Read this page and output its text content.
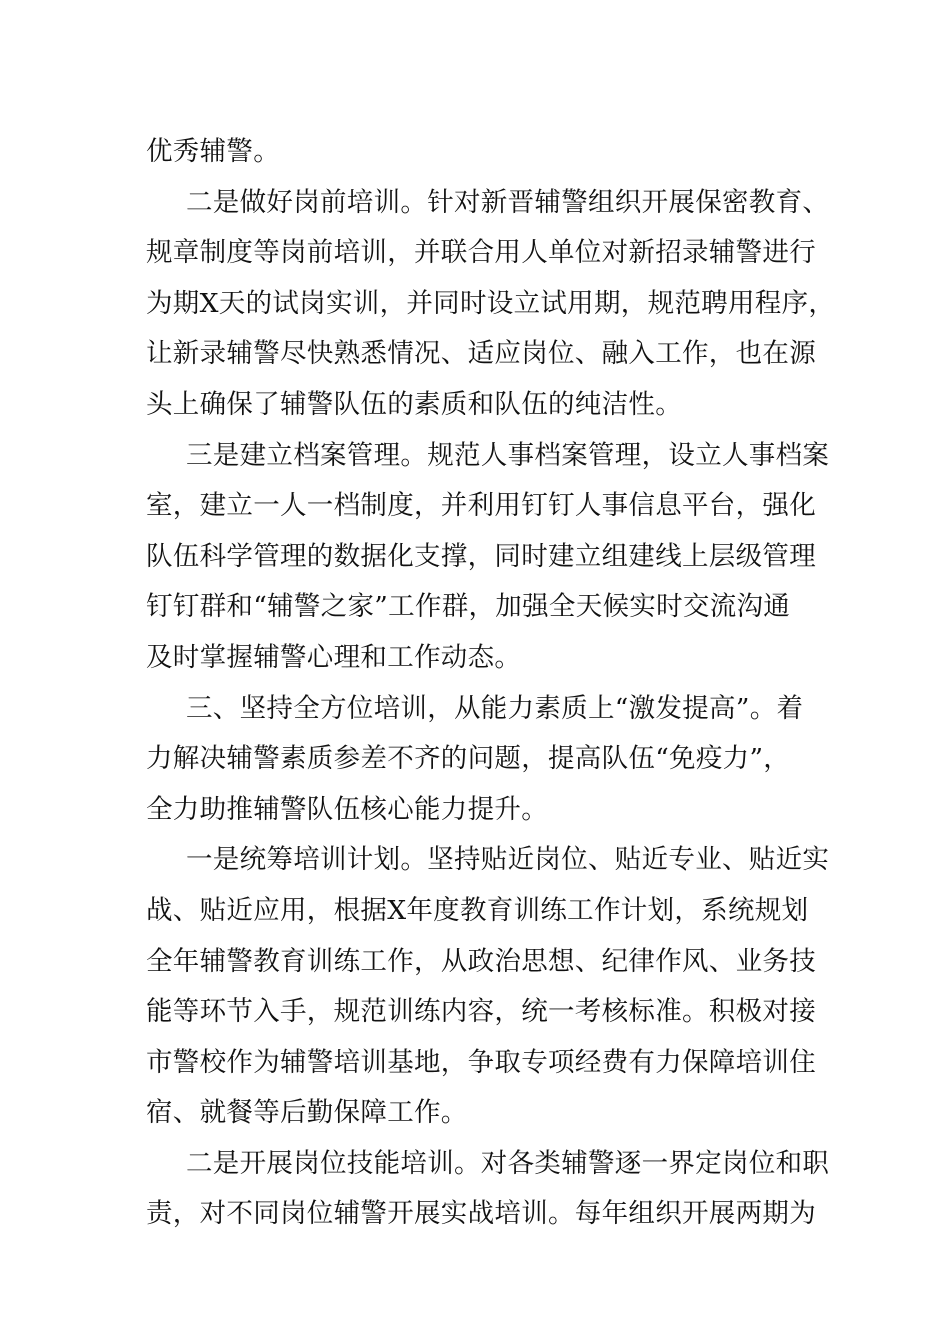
优秀辅警。
二是做好岗前培训。针对新晋辅警组织开展保密教育、
规章制度等岗前培训，并联合用人单位对新招录辅警进行
为期X天的试岗实训，并同时设立试用期，规范聘用程序，
让新录辅警尽快熟悉情况、适应岗位、融入工作，也在源
头上确保了辅警队伍的素质和队伍的纯洁性。
三是建立档案管理。规范人事档案管理，设立人事档案
室，建立一人一档制度，并利用钉钉人事信息平台，强化
队伍科学管理的数据化支撑，同时建立组建线上层级管理
钉钉群和“辅警之家”工作群，加强全天候实时交流沟通
及时掌握辅警心理和工作动态。
三、坚持全方位培训，从能力素质上“激发提高”。着
力解决辅警素质参差不齐的问题，提高队伍“免疫力”，
全力助推辅警队伍核心能力提升。
一是统筹培训计划。坚持贴近岗位、贴近专业、贴近实
战、贴近应用，根据X年度教育训练工作计划，系统规划
全年辅警教育训练工作，从政治思想、纪律作风、业务技
能等环节入手，规范训练内容，统一考核标准。积极对接
市警校作为辅警培训基地，争取专项经费有力保障培训住
宿、就餐等后勤保障工作。
二是开展岗位技能培训。对各类辅警逐一界定岗位和职
责，对不同岗位辅警开展实战培训。每年组织开展两期为
